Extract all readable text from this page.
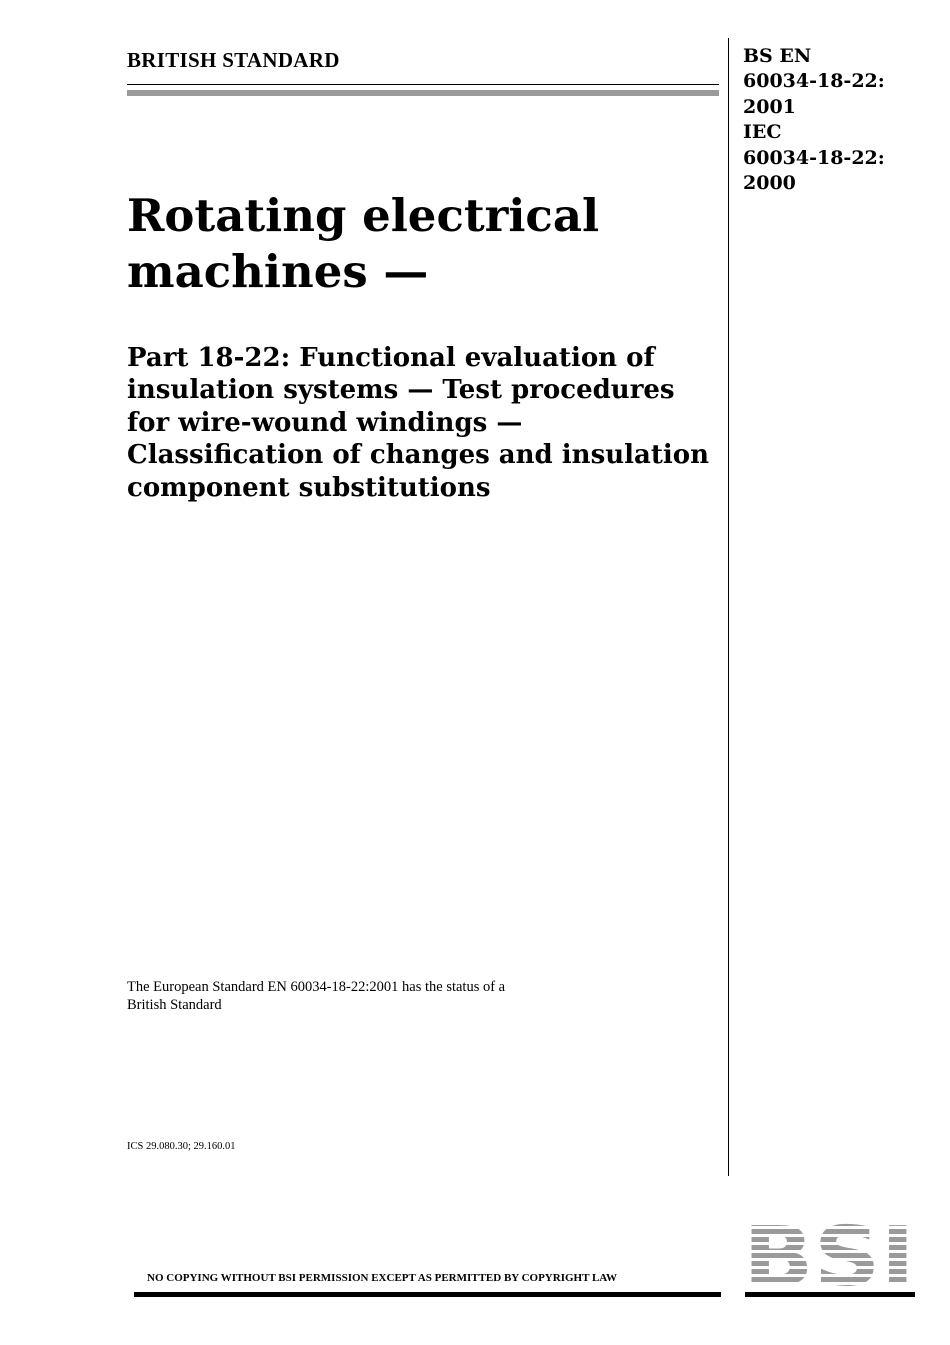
BRITISH STANDARD	BS EN
60034-18-22:
2001
IEC
60034-18-22:
2000
Rotating electrical
machines —
Part 18-22: Functional evaluation of
insulation systems — Test procedures
for wire-wound windings —
Classification of changes and insulation
component substitutions
The European Standard EN 60034-18-22:2001 has the status of a
British Standard
ICS 29.080.30; 29.160.01
NO COPYING WITHOUT BSI PERMISSION EXCEPT AS PERMITTED BY COPYRIGHT LAW
